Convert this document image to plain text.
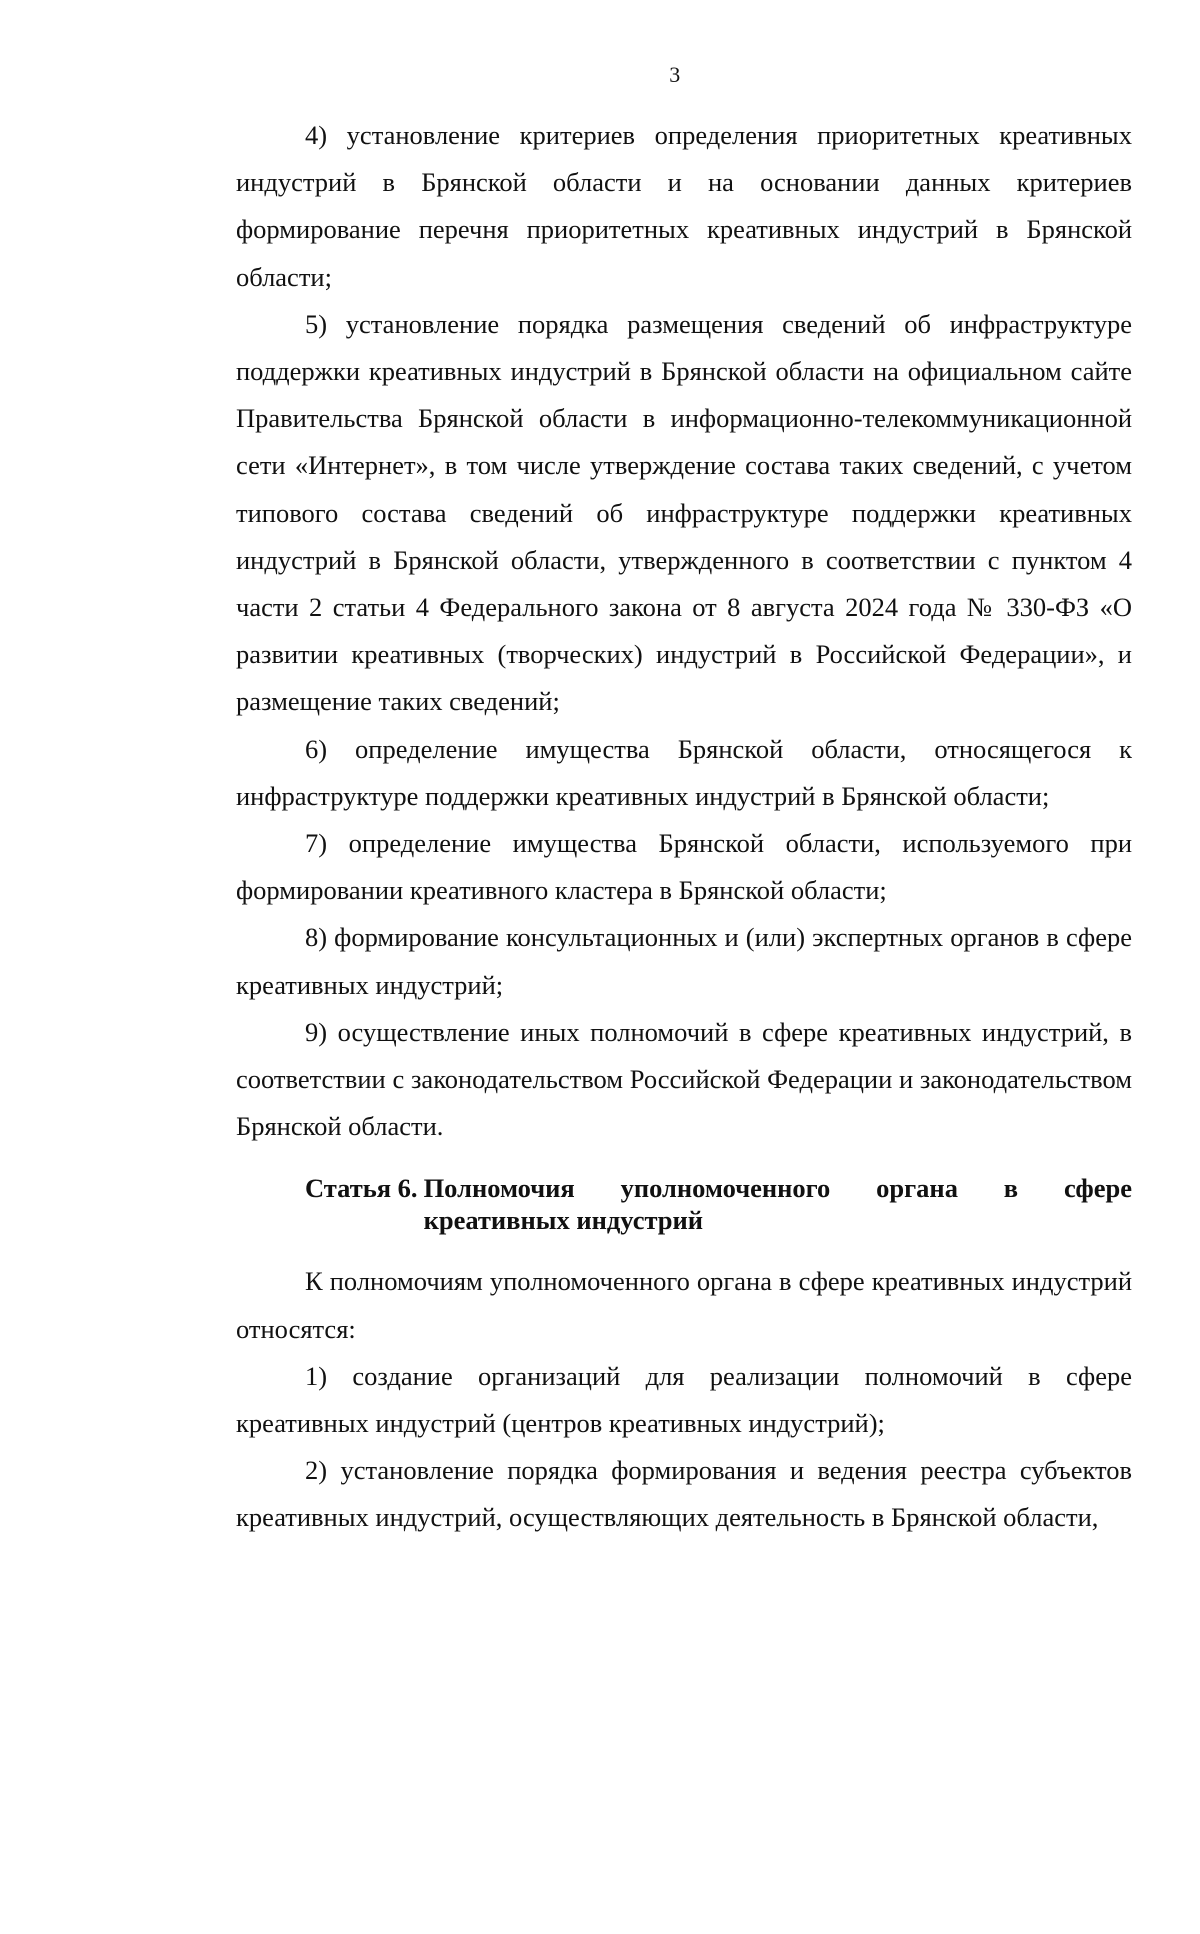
3

4) установление критериев определения приоритетных креативных индустрий в Брянской области и на основании данных критериев формирование перечня приоритетных креативных индустрий в Брянской области;

5) установление порядка размещения сведений об инфраструктуре поддержки креативных индустрий в Брянской области на официальном сайте Правительства Брянской области в информационно-телекоммуникационной сети «Интернет», в том числе утверждение состава таких сведений, с учетом типового состава сведений об инфраструктуре поддержки креативных индустрий в Брянской области, утвержденного в соответствии с пунктом 4 части 2 статьи 4 Федерального закона от 8 августа 2024 года № 330-ФЗ «О развитии креативных (творческих) индустрий в Российской Федерации», и размещение таких сведений;

6) определение имущества Брянской области, относящегося к инфраструктуре поддержки креативных индустрий в Брянской области;

7) определение имущества Брянской области, используемого при формировании креативного кластера в Брянской области;

8) формирование консультационных и (или) экспертных органов в сфере креативных индустрий;

9) осуществление иных полномочий в сфере креативных индустрий, в соответствии с законодательством Российской Федерации и законодательством Брянской области.

Статья 6. Полномочия уполномоченного органа в сфере
креативных индустрий

К полномочиям уполномоченного органа в сфере креативных индустрий относятся:

1) создание организаций для реализации полномочий в сфере креативных индустрий (центров креативных индустрий);

2) установление порядка формирования и ведения реестра субъектов креативных индустрий, осуществляющих деятельность в Брянской области,
